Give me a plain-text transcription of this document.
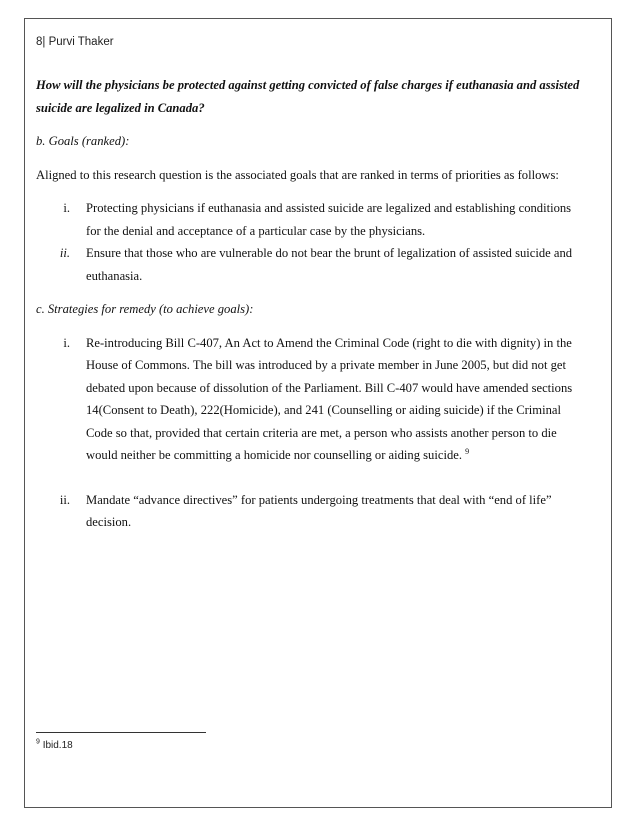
8| Purvi Thaker

How will the physicians be protected against getting convicted of false charges if euthanasia and assisted suicide are legalized in Canada?

b. Goals (ranked):

Aligned to this research question is the associated goals that are ranked in terms of priorities as follows:

i.	Protecting physicians if euthanasia and assisted suicide are legalized and establishing conditions for the denial and acceptance of a particular case by the physicians.
ii.	Ensure that those who are vulnerable do not bear the brunt of legalization of assisted suicide and euthanasia.

c. Strategies for remedy (to achieve goals):

i.	Re-introducing Bill C-407, An Act to Amend the Criminal Code (right to die with dignity) in the House of Commons. The bill was introduced by a private member in June 2005, but did not get debated upon because of dissolution of the Parliament. Bill C-407 would have amended sections 14(Consent to Death), 222(Homicide), and 241 (Counselling or aiding suicide) if the Criminal Code so that, provided that certain criteria are met, a person who assists another person to die would neither be committing a homicide nor counselling or aiding suicide. $^9$
ii.	Mandate “advance directives” for patients undergoing treatments that deal with “end of life” decision.
$^9$ Ibid.18
